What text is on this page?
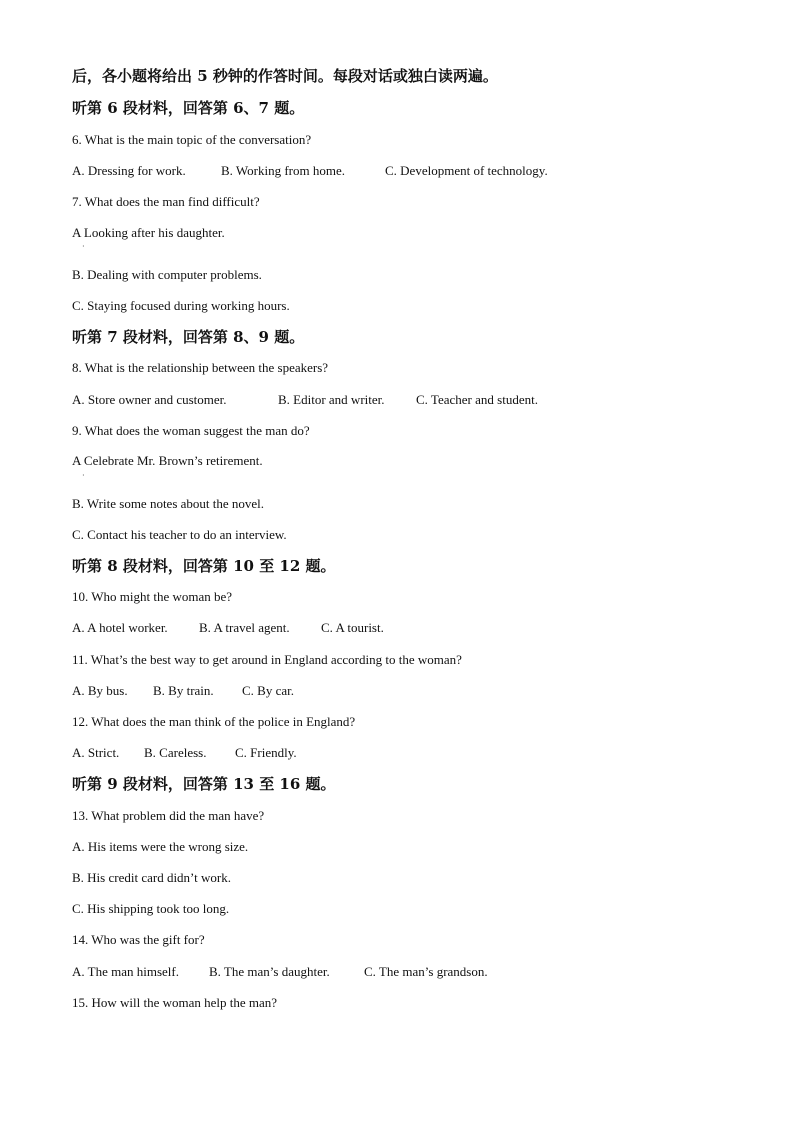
后，各小题将给出 5 秒钟的作答时间。每段对话或独白读两遍。
听第 6 段材料，回答第 6、7 题。
6. What is the main topic of the conversation?
A. Dressing for work.	B. Working from home.	C. Development of technology.
7. What does the man find difficult?
A Looking after his daughter.
·
B. Dealing with computer problems.
C. Staying focused during working hours.
听第 7 段材料，回答第 8、9 题。
8. What is the relationship between the speakers?
A. Store owner and customer.	B. Editor and writer.	C. Teacher and student.
9. What does the woman suggest the man do?
A Celebrate Mr. Brown’s retirement.
·
B. Write some notes about the novel.
C. Contact his teacher to do an interview.
听第 8 段材料，回答第 10 至 12 题。
10. Who might the woman be?
A. A hotel worker.	B. A travel agent.	C. A tourist.
11. What’s the best way to get around in England according to the woman?
A. By bus.	B. By train.	C. By car.
12. What does the man think of the police in England?
A. Strict.	B. Careless.	C. Friendly.
听第 9 段材料，回答第 13 至 16 题。
13. What problem did the man have?
A. His items were the wrong size.
B. His credit card didn’t work.
C. His shipping took too long.
14. Who was the gift for?
A. The man himself.	B. The man’s daughter.	C. The man’s grandson.
15. How will the woman help the man?
